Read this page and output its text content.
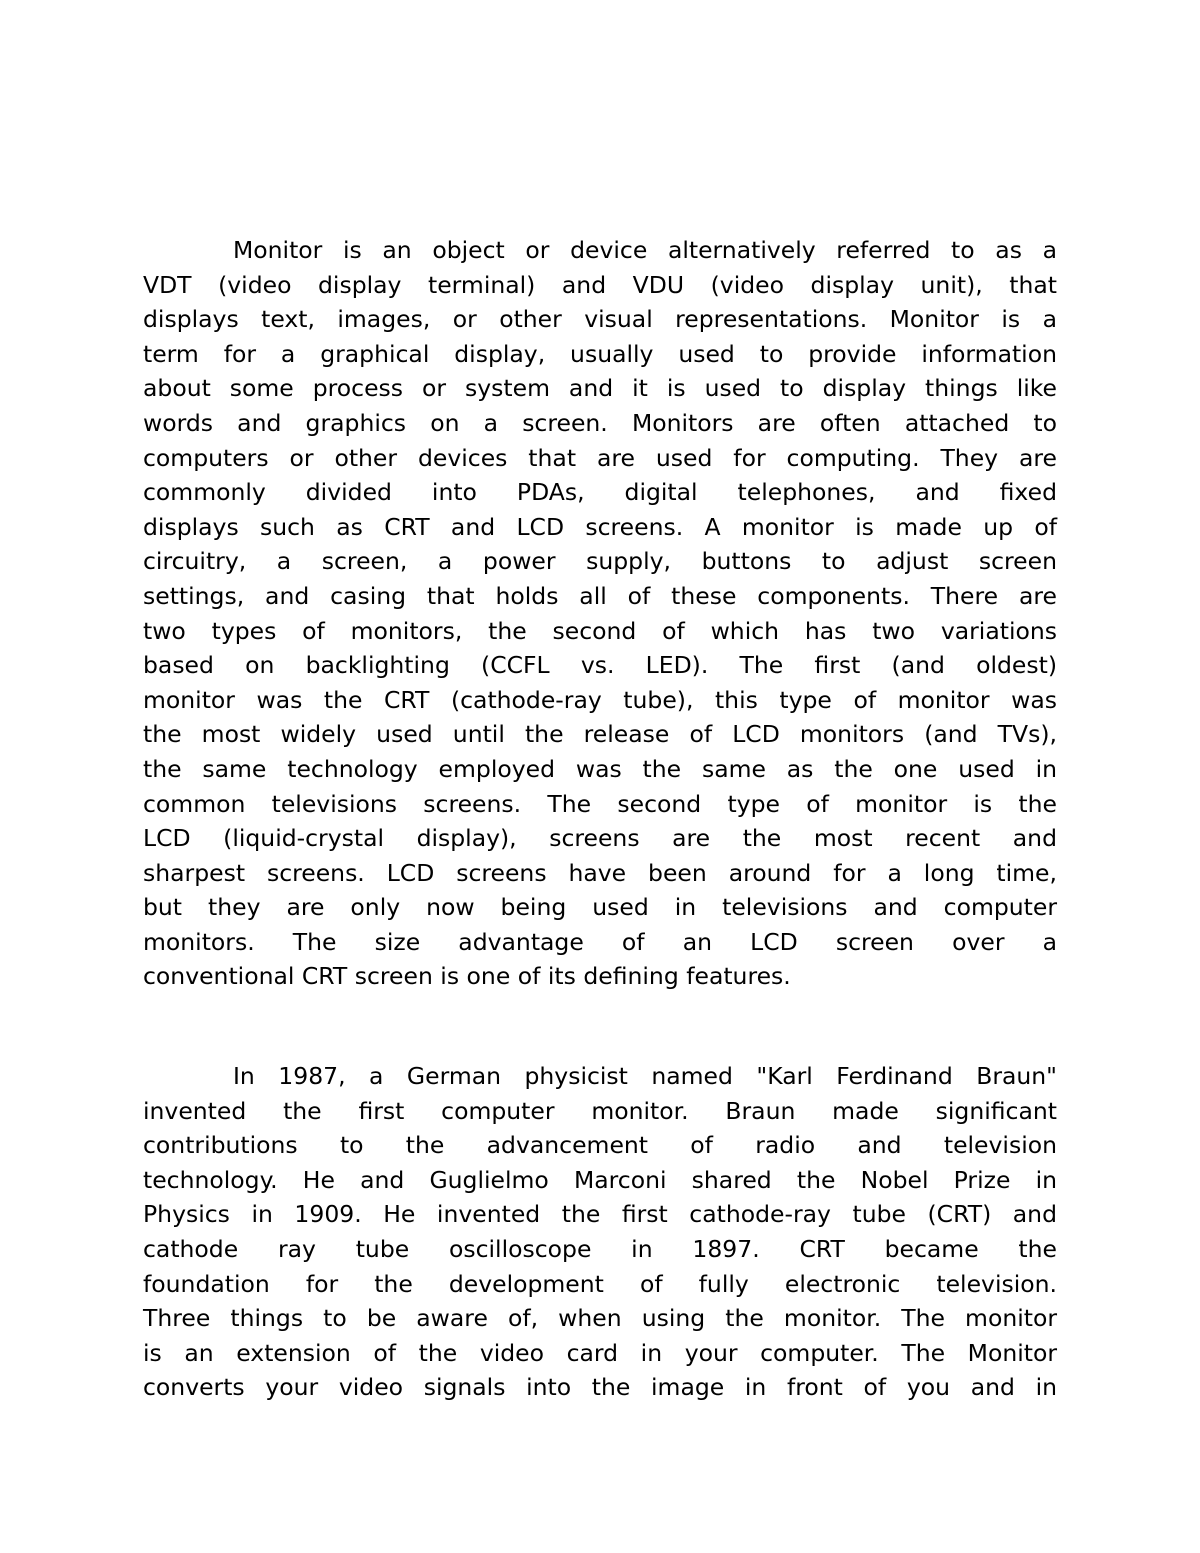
Monitor is an object or device alternatively referred to as a
VDT (video display terminal) and VDU (video display unit), that
displays text, images, or other visual representations. Monitor is a
term for a graphical display, usually used to provide information
about some process or system and it is used to display things like
words and graphics on a screen. Monitors are often attached to
computers or other devices that are used for computing. They are
commonly divided into PDAs, digital telephones, and fixed
displays such as CRT and LCD screens. A monitor is made up of
circuitry, a screen, a power supply, buttons to adjust screen
settings, and casing that holds all of these components. There are
two types of monitors, the second of which has two variations
based on backlighting (CCFL vs. LED). The first (and oldest)
monitor was the CRT (cathode-ray tube), this type of monitor was
the most widely used until the release of LCD monitors (and TVs),
the same technology employed was the same as the one used in
common televisions screens. The second type of monitor is the
LCD (liquid-crystal display), screens are the most recent and
sharpest screens. LCD screens have been around for a long time,
but they are only now being used in televisions and computer
monitors. The size advantage of an LCD screen over a
conventional CRT screen is one of its defining features.
In 1987, a German physicist named "Karl Ferdinand Braun"
invented the first computer monitor. Braun made significant
contributions to the advancement of radio and television
technology. He and Guglielmo Marconi shared the Nobel Prize in
Physics in 1909. He invented the first cathode-ray tube (CRT) and
cathode ray tube oscilloscope in 1897. CRT became the
foundation for the development of fully electronic television.
Three things to be aware of, when using the monitor. The monitor
is an extension of the video card in your computer. The Monitor
converts your video signals into the image in front of you and in
